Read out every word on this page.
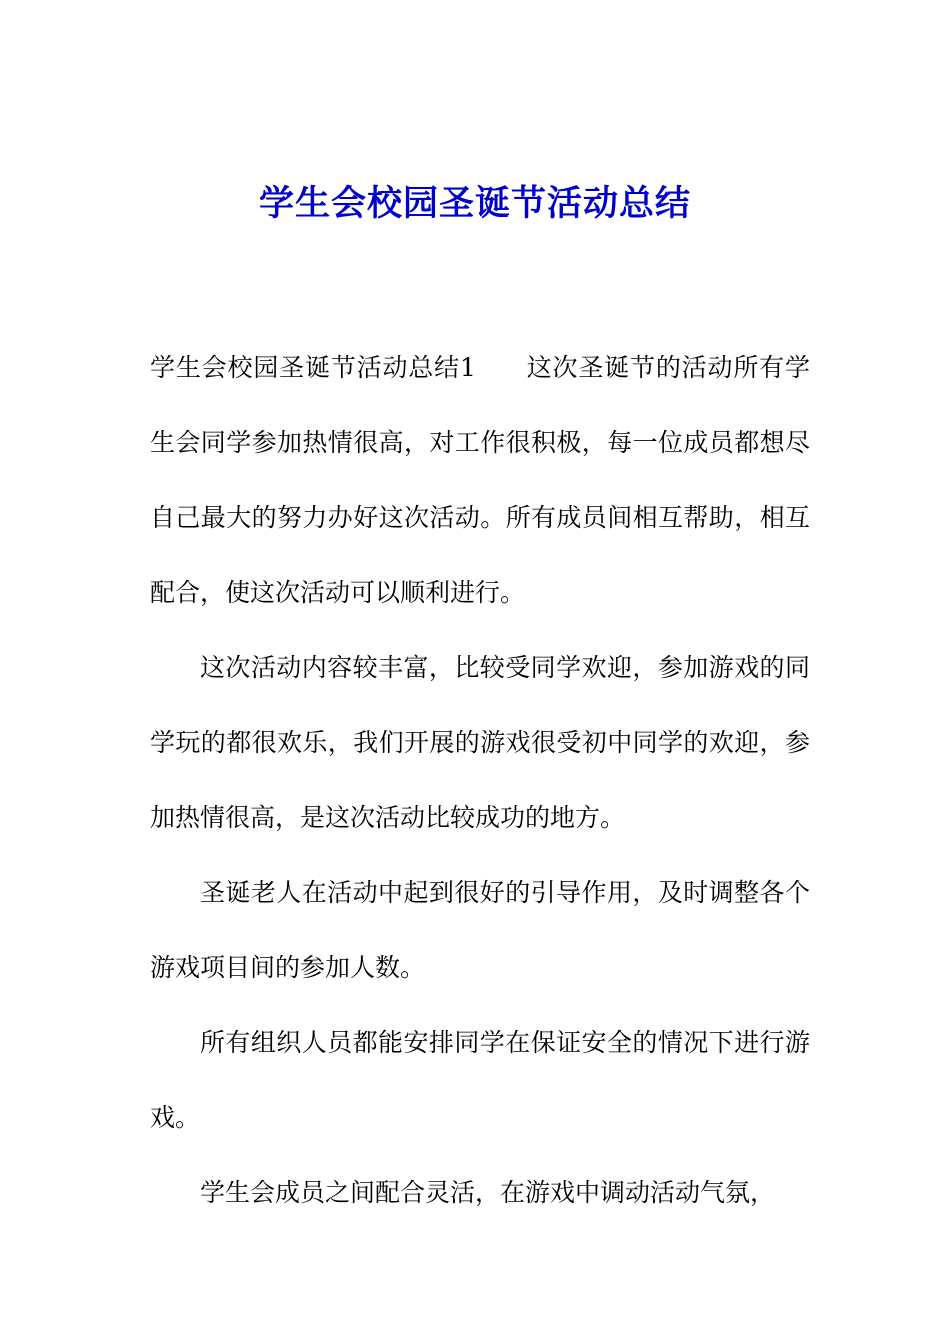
学生会校园圣诞节活动总结

学生会校园圣诞节活动总结1 这次圣诞节的活动所有学生会同学参加热情很高，对工作很积极，每一位成员都想尽自己最大的努力办好这次活动。所有成员间相互帮助，相互配合，使这次活动可以顺利进行。

这次活动内容较丰富，比较受同学欢迎，参加游戏的同学玩的都很欢乐，我们开展的游戏很受初中同学的欢迎，参加热情很高，是这次活动比较成功的地方。

圣诞老人在活动中起到很好的引导作用，及时调整各个游戏项目间的参加人数。

所有组织人员都能安排同学在保证安全的情况下进行游戏。

学生会成员之间配合灵活，在游戏中调动活动气氛，
